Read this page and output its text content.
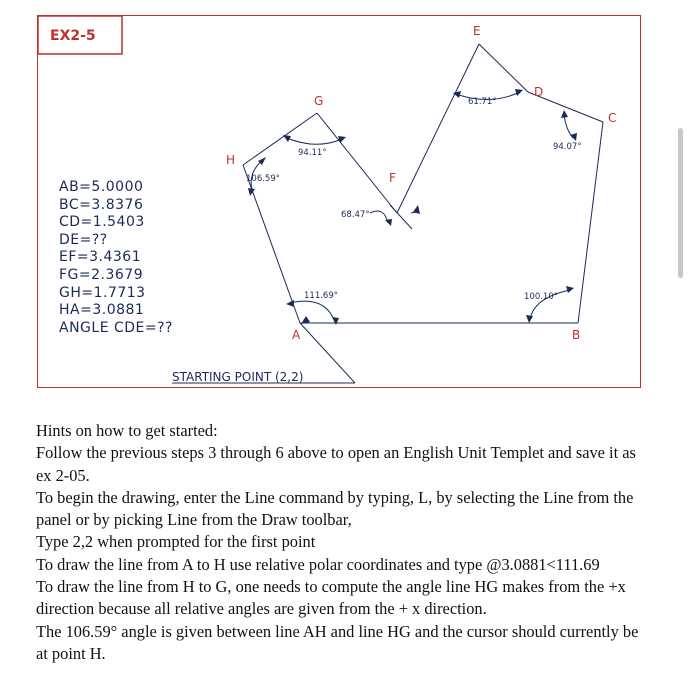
EX2-5
AB=5.0000
BC=3.8376
CD=1.5403
DE=??
EF=3.4361
FG=2.3679
GH=1.7713
HA=3.0881
ANGLE CDE=??	A	B
C
D
E
F
G
H
106.59°
94.11°
68.47°
61.71°
94.07°
100.10°
111.69°
STARTING POINT (2,2)

Hints on how to get started:

Follow the previous steps 3 through 6 above to open an English Unit Templet and save it as ex 2-05.

To begin the drawing, enter the Line command by typing, L, by selecting the Line from the panel or by picking Line from the Draw toolbar,

Type 2,2 when prompted for the first point

To draw the line from A to H use relative polar coordinates and type @3.0881<111.69

To draw the line from H to G, one needs to compute the angle line HG makes from the +x direction because all relative angles are given from the + x direction.

The 106.59° angle is given between line AH and line HG and the cursor should currently be at point H.
